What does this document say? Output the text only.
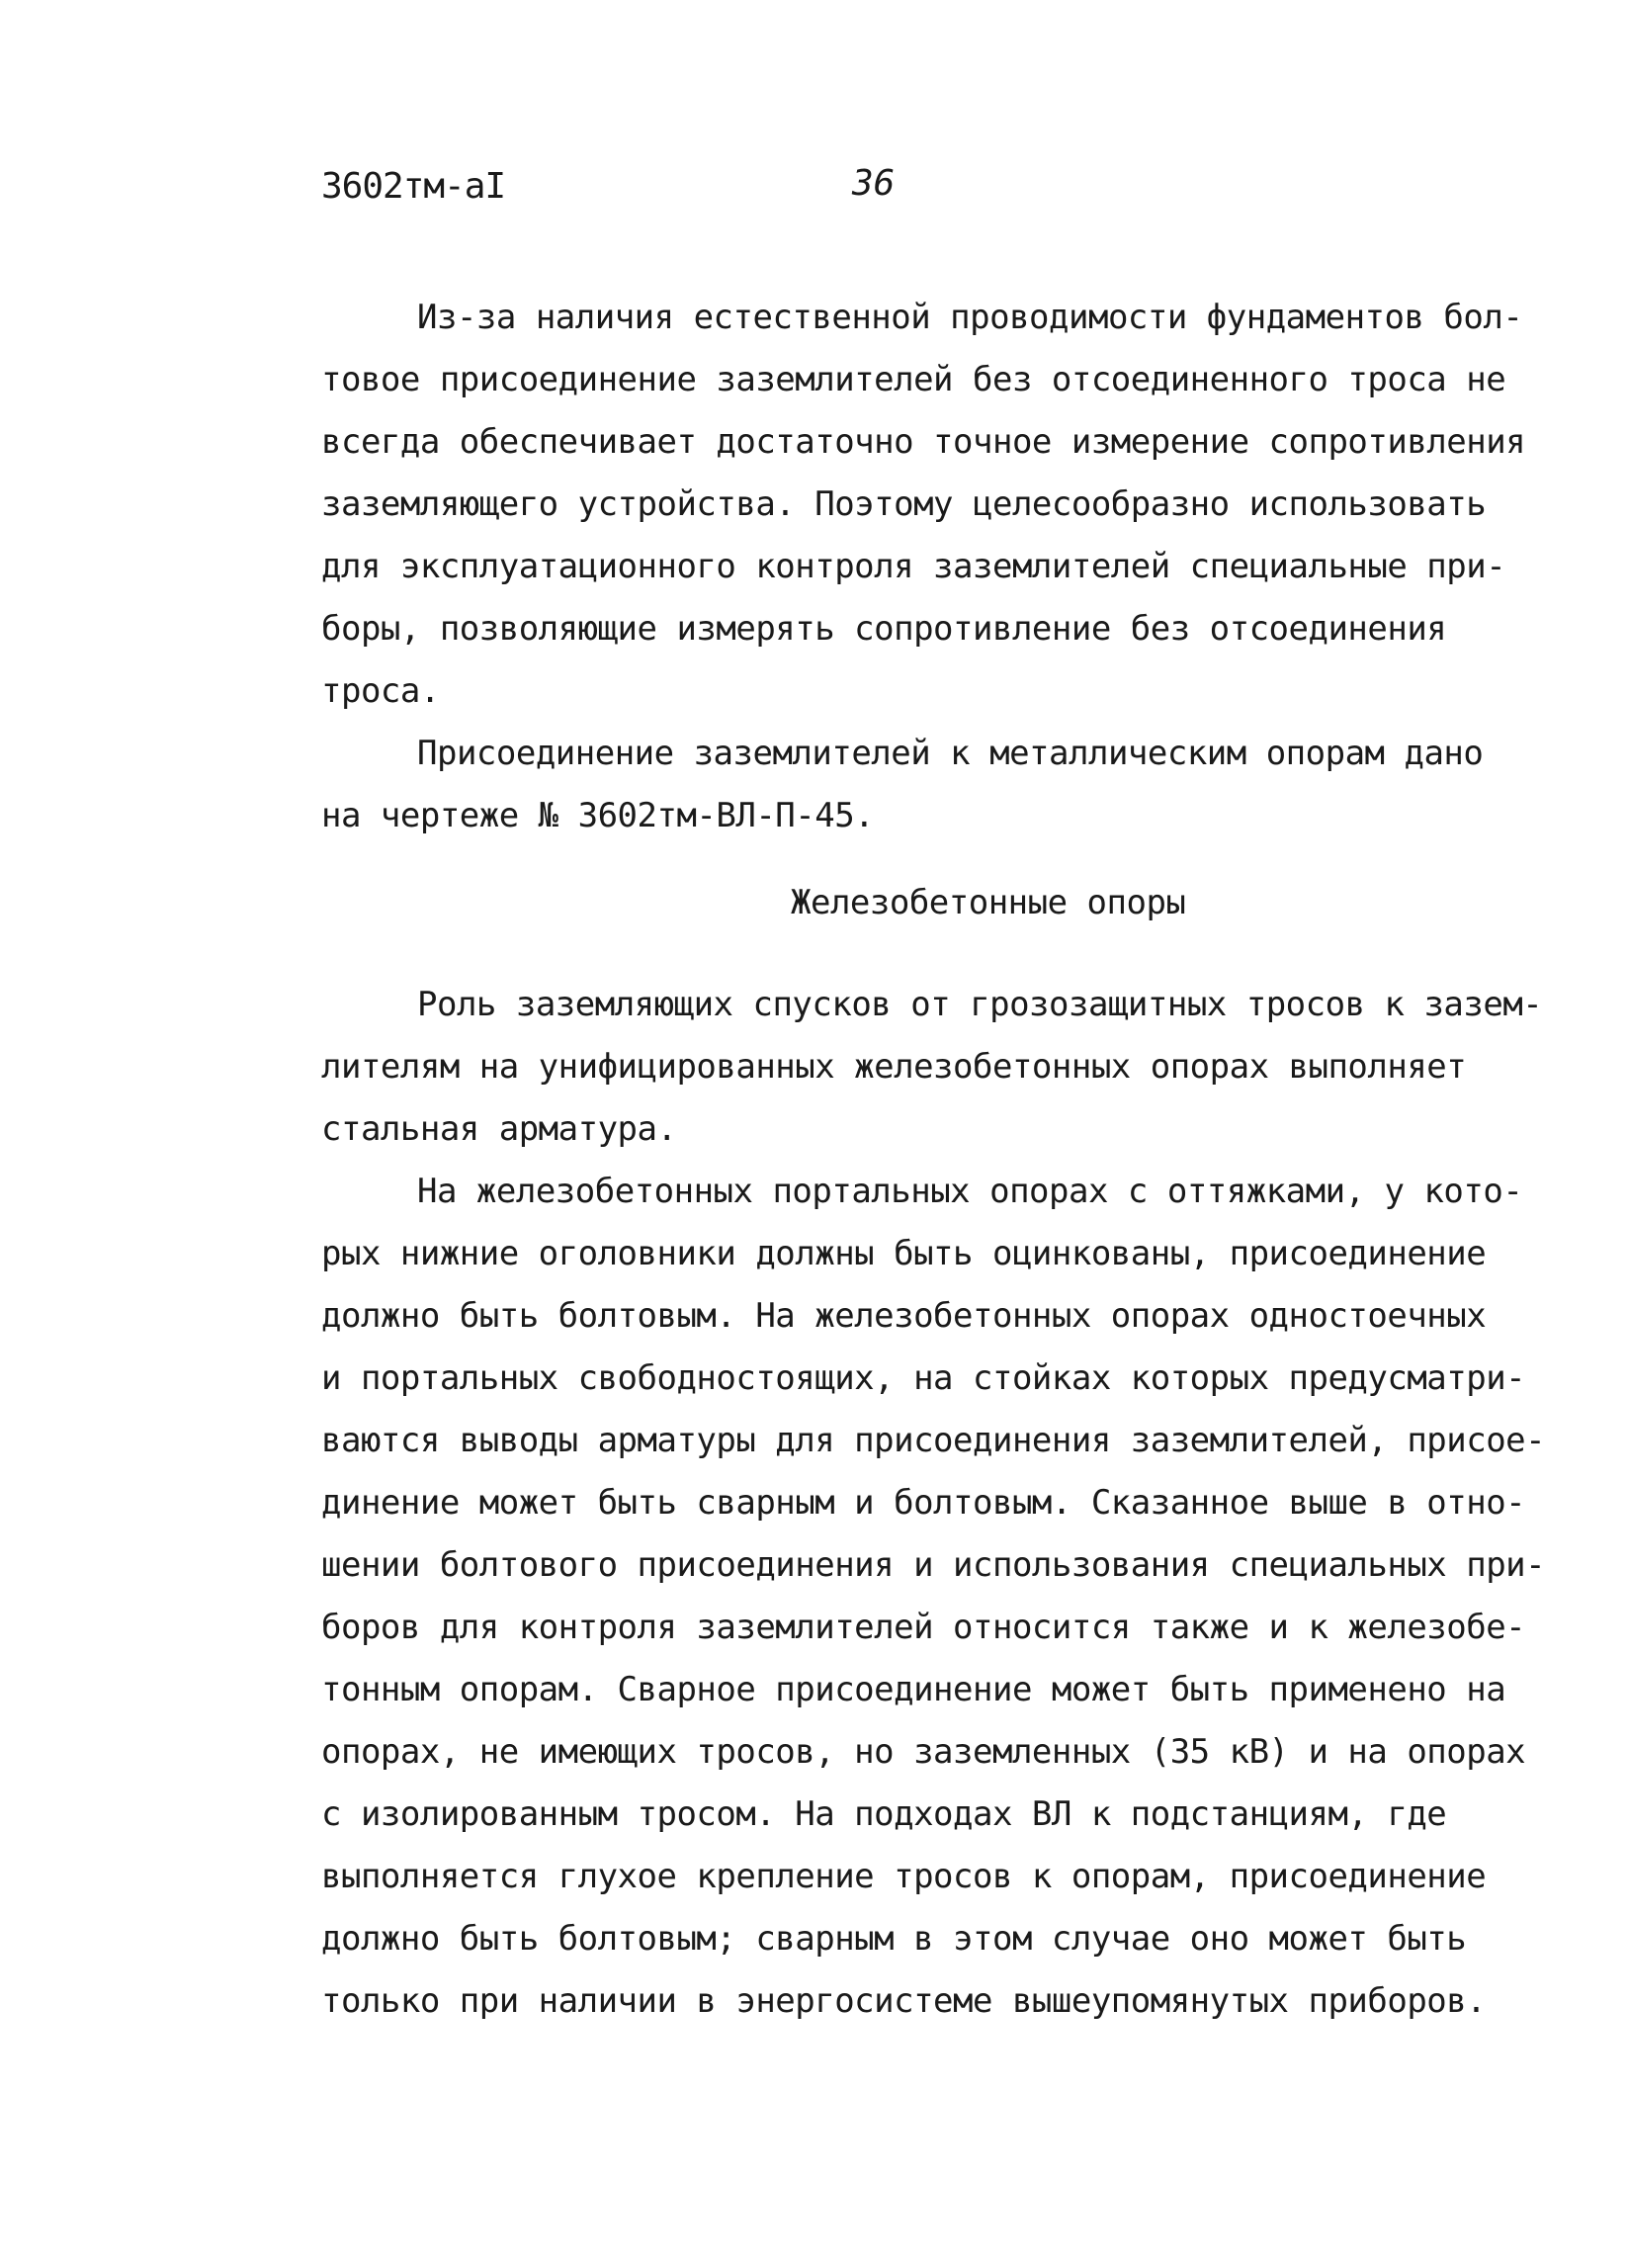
3602тм-аI	36
Из-за наличия естественной проводимости фундаментов бол-
товое присоединение заземлителей без отсоединенного троса не
всегда обеспечивает достаточно точное измерение сопротивления
заземляющего устройства. Поэтому целесообразно использовать
для эксплуатационного контроля заземлителей специальные при-
боры, позволяющие измерять сопротивление без отсоединения
троса.
Присоединение заземлителей к металлическим опорам дано
на чертеже № 3602тм-ВЛ-П-45.
Железобетонные опоры
Роль заземляющих спусков от грозозащитных тросов к зазем-
лителям на унифицированных железобетонных опорах выполняет
стальная арматура.
На железобетонных портальных опорах с оттяжками, у кото-
рых нижние оголовники должны быть оцинкованы, присоединение
должно быть болтовым. На железобетонных опорах одностоечных
и портальных свободностоящих, на стойках которых предусматри-
ваются выводы арматуры для присоединения заземлителей, присое-
динение может быть сварным и болтовым. Сказанное выше в отно-
шении болтового присоединения и использования специальных при-
боров для контроля заземлителей относится также и к железобе-
тонным опорам. Сварное присоединение может быть применено на
опорах, не имеющих тросов, но заземленных (35 кВ) и на опорах
с изолированным тросом. На подходах ВЛ к подстанциям, где
выполняется глухое крепление тросов к опорам, присоединение
должно быть болтовым; сварным в этом случае оно может быть
только при наличии в энергосистеме вышеупомянутых приборов.
